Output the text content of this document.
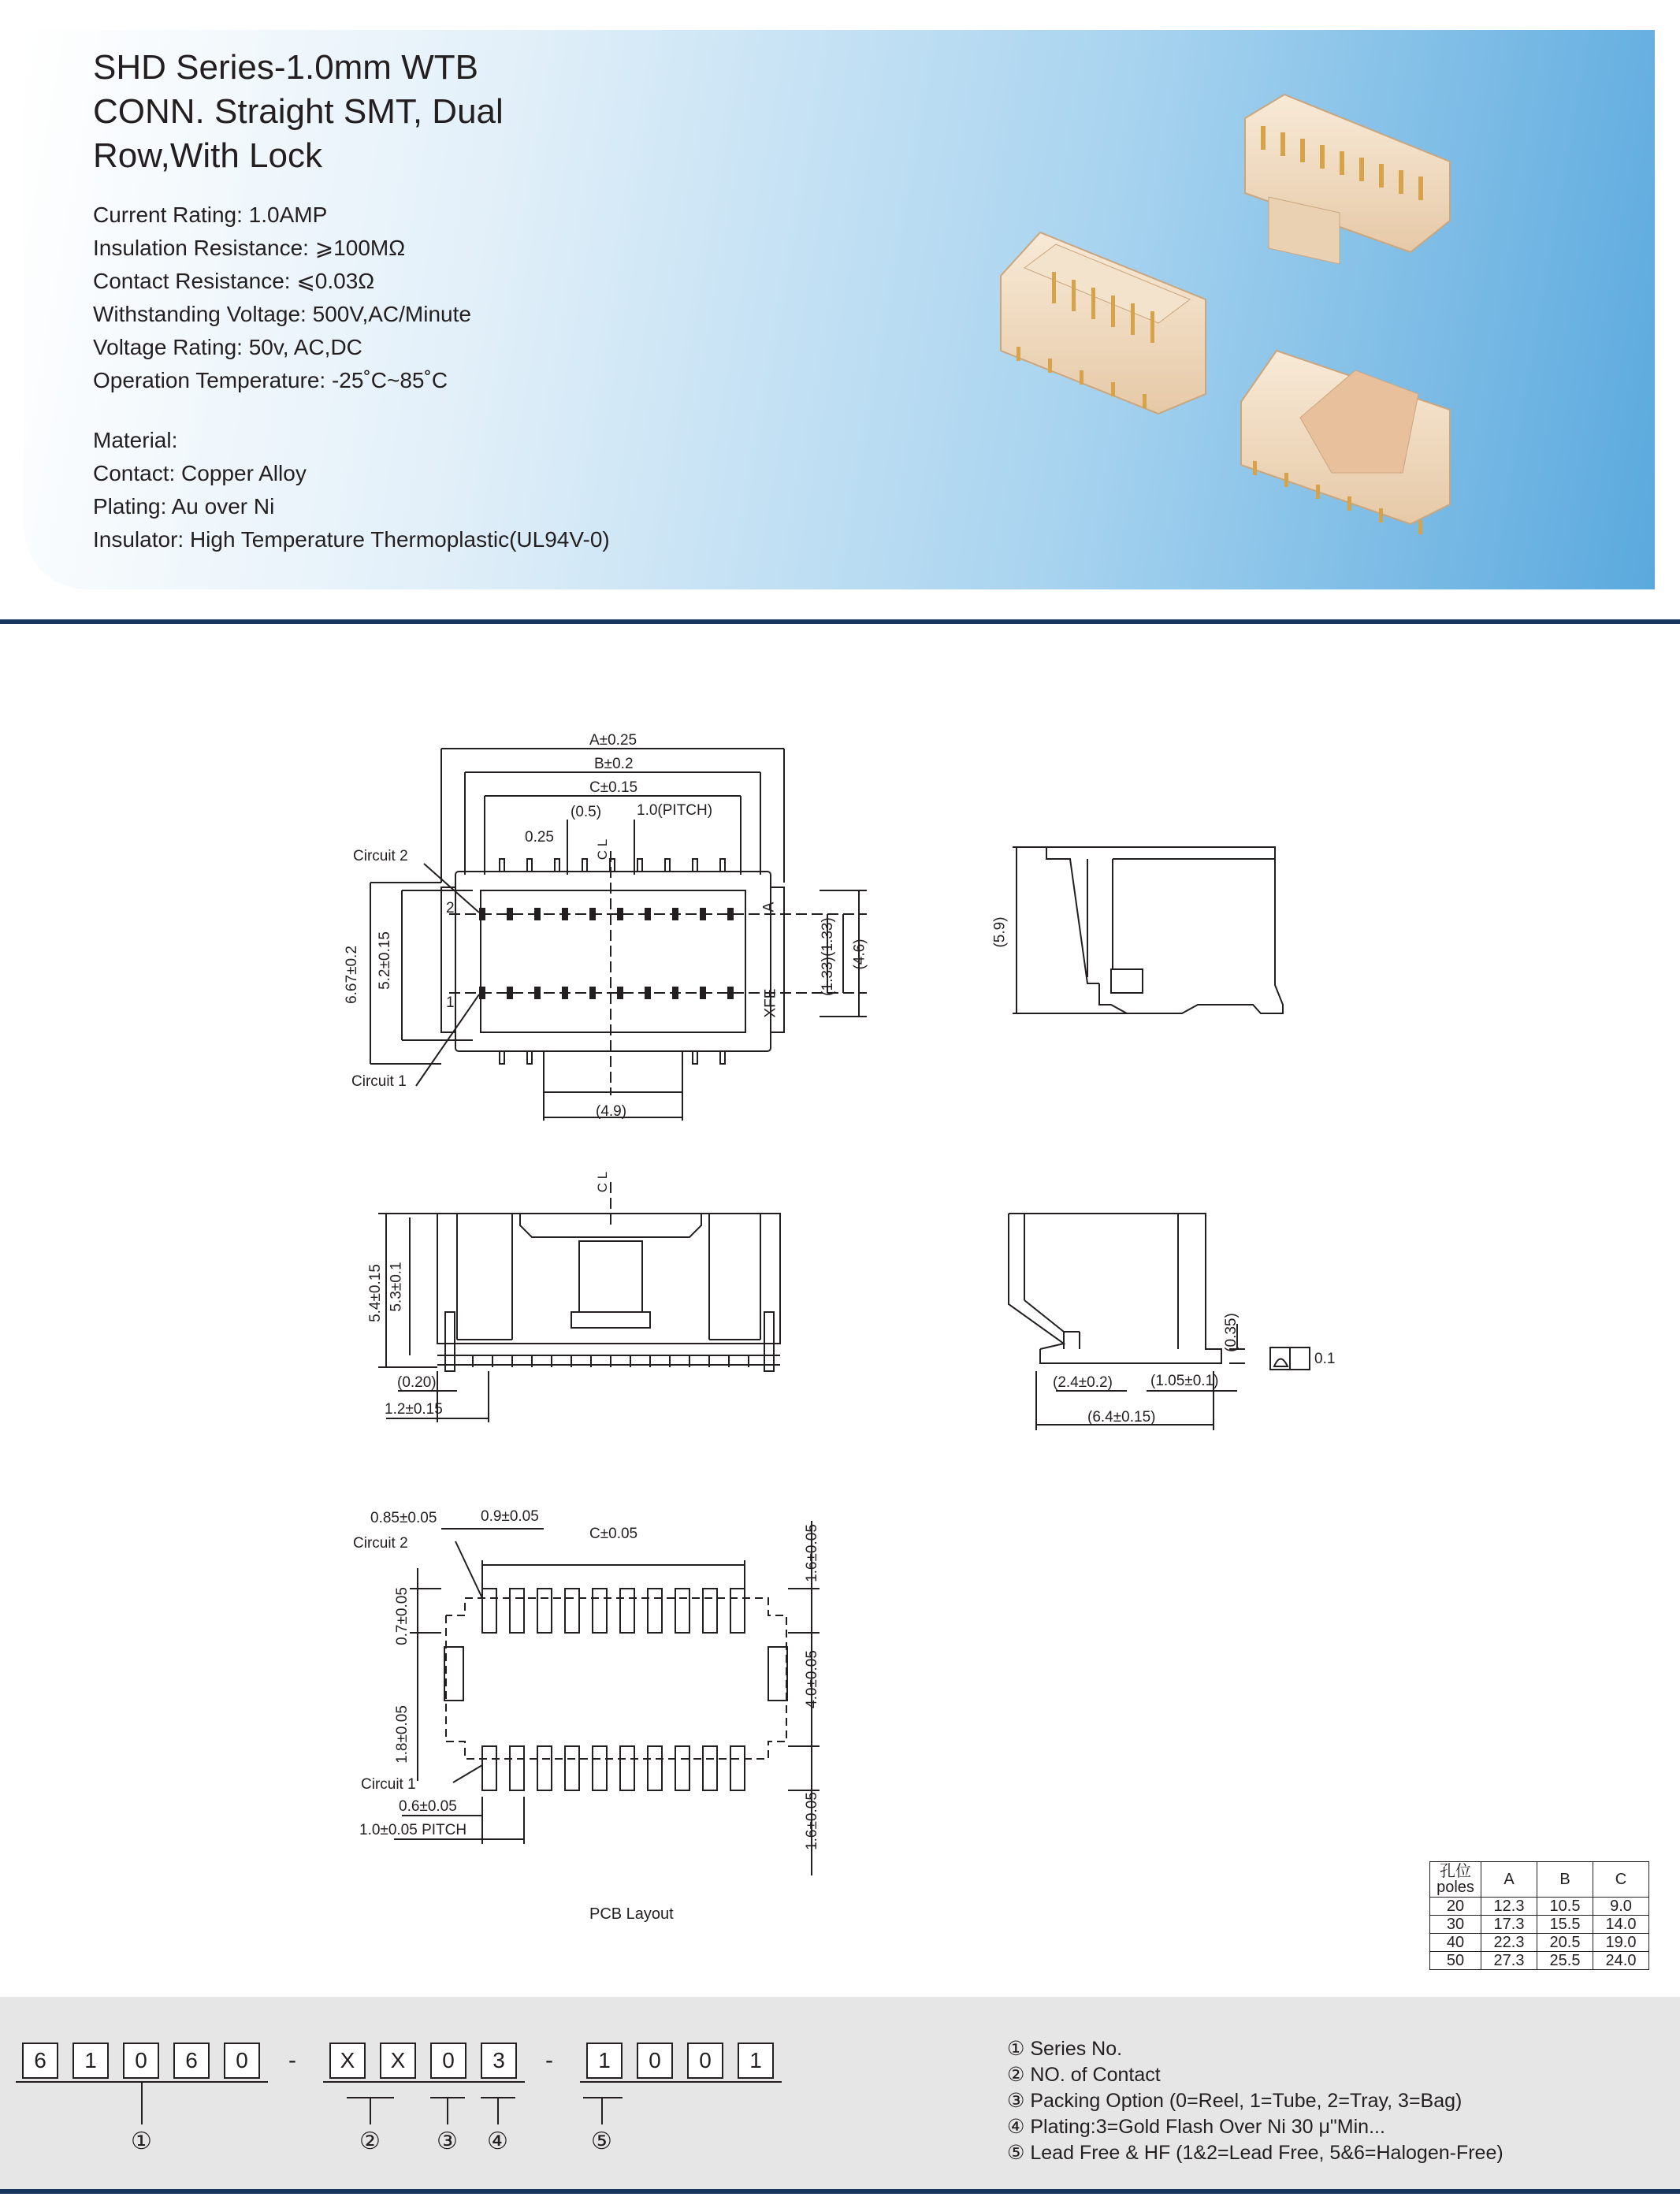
SHD Series-1.0mm WTB
CONN. Straight SMT, Dual
Row,With Lock
Current Rating: 1.0AMP
Insulation Resistance: ⩾100MΩ
Contact Resistance: ⩽0.03Ω
Withstanding Voltage: 500V,AC/Minute
Voltage Rating: 50v, AC,DC
Operation Temperature: -25˚C~85˚C
Material:
Contact: Copper Alloy
Plating: Au over Ni
Insulator: High Temperature Thermoplastic(UL94V-0)
A±0.25
B±0.2
C±0.15
(0.5) 1.0(PITCH)
0.25
Circuit 2
Circuit 1
2
1
6.67±0.2 5.2±0.15
A
XFE
(1.33)
(1.33) (4.6)
(4.9)
C L
(5.9)
5.4±0.15 5.3±0.1
(0.20)
1.2±0.15
C L
(0.35)
0.1
(2.4±0.2)	(1.05±0.1)
(6.4±0.15)
0.85±0.05	0.9±0.05
C±0.05	1.6±0.05
Circuit 2
0.7±0.05
4.0±0.05
1.8±0.05
Circuit 1
0.6±0.05
1.0±0.05 PITCH	1.6±0.05
PCB Layout
孔位 poles	A	B	C
20	12.3	10.5	9.0
30	17.3	15.5	14.0
40	22.3	20.5	19.0
50	27.3	25.5	24.0
6	1	0	6	0	-	X	X	0	3	-	1	0	0	1
①	② ③ ④	⑤
① Series No.
② NO. of Contact
③ Packing Option (0=Reel, 1=Tube, 2=Tray, 3=Bag)
④ Plating:3=Gold Flash Over Ni 30 μ"Min...
⑤ Lead Free & HF (1&2=Lead Free, 5&6=Halogen-Free)
